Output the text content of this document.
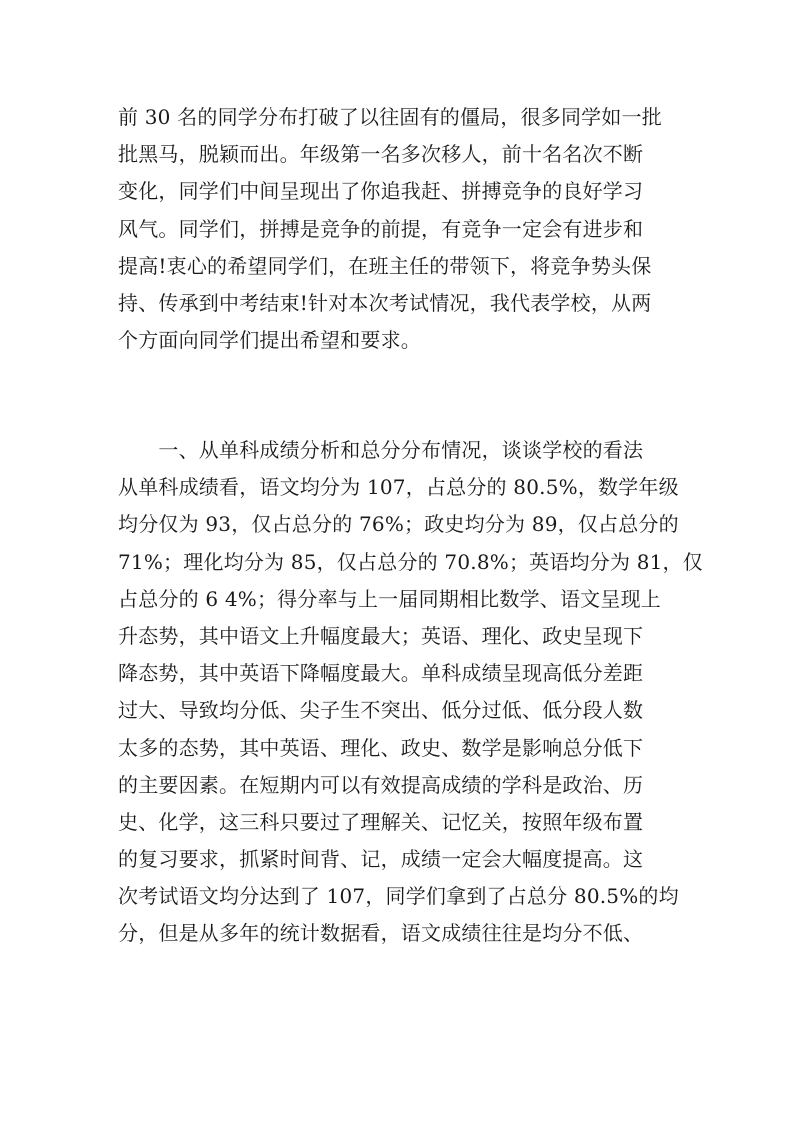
前 30 名的同学分布打破了以往固有的僵局，很多同学如一批
批黑马，脱颖而出。年级第一名多次移人，前十名名次不断
变化，同学们中间呈现出了你追我赶、拼搏竞争的良好学习
风气。同学们，拼搏是竞争的前提，有竞争一定会有进步和
提高!衷心的希望同学们，在班主任的带领下，将竞争势头保
持、传承到中考结束!针对本次考试情况，我代表学校，从两
个方面向同学们提出希望和要求。
　　一、从单科成绩分析和总分分布情况，谈谈学校的看法
从单科成绩看，语文均分为 107，占总分的 80.5%，数学年级
均分仅为 93，仅占总分的 76%；政史均分为 89，仅占总分的
71%；理化均分为 85，仅占总分的 70.8%；英语均分为 81，仅
占总分的 6 4%；得分率与上一届同期相比数学、语文呈现上
升态势，其中语文上升幅度最大；英语、理化、政史呈现下
降态势，其中英语下降幅度最大。单科成绩呈现高低分差距
过大、导致均分低、尖子生不突出、低分过低、低分段人数
太多的态势，其中英语、理化、政史、数学是影响总分低下
的主要因素。在短期内可以有效提高成绩的学科是政治、历
史、化学，这三科只要过了理解关、记忆关，按照年级布置
的复习要求，抓紧时间背、记，成绩一定会大幅度提高。这
次考试语文均分达到了 107，同学们拿到了占总分 80.5%的均
分，但是从多年的统计数据看，语文成绩往往是均分不低、
